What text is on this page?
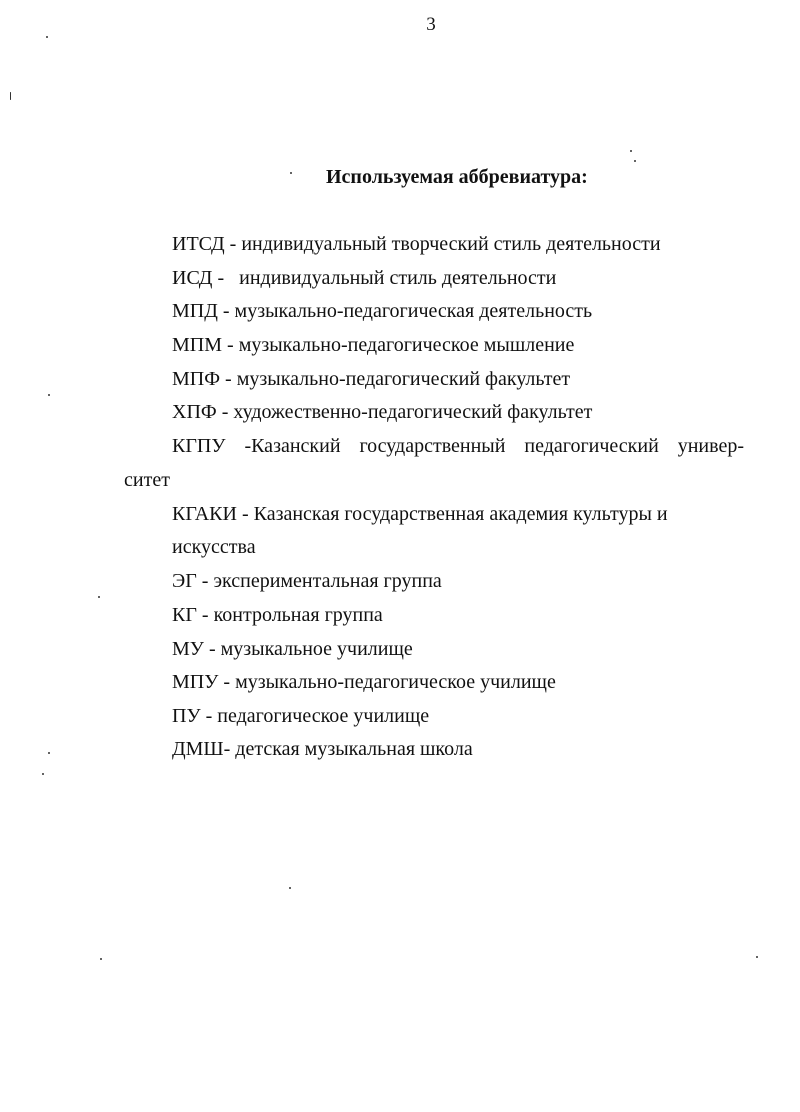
3
Используемая аббревиатура:
ИТСД - индивидуальный творческий стиль деятельности
ИСД -   индивидуальный стиль деятельности
МПД - музыкально-педагогическая деятельность
МПМ - музыкально-педагогическое мышление
МПФ - музыкально-педагогический факультет
ХПФ - художественно-педагогический факультет
КГПУ -Казанский государственный педагогический универ-
ситет
КГАКИ - Казанская государственная академия культуры и
искусства
ЭГ - экспериментальная группа
КГ - контрольная группа
МУ - музыкальное училище
МПУ - музыкально-педагогическое училище
ПУ - педагогическое училище
ДМШ- детская музыкальная школа
